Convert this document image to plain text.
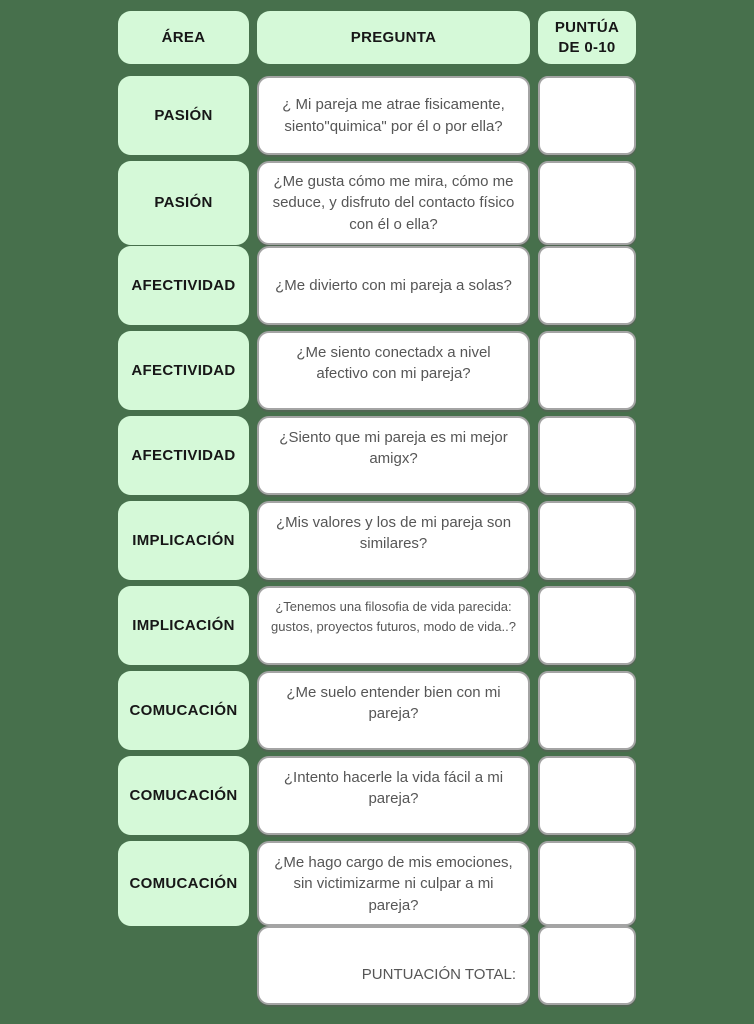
ÁREA	PREGUNTA
PUNTÚA DE 0-10
PASIÓN
¿ Mi pareja me atrae fisicamente, siento"quimica" por él o por ella?
PASIÓN
¿Me gusta cómo me mira, cómo me seduce, y disfruto del contacto físico con él o ella?
AFECTIVIDAD	¿Me divierto con mi pareja a solas?
AFECTIVIDAD
¿Me siento conectadx a nivel afectivo con mi pareja?
AFECTIVIDAD
¿Siento que mi pareja es mi mejor amigx?
IMPLICACIÓN
¿Mis valores y los de mi pareja son similares?
IMPLICACIÓN
¿Tenemos una filosofia de vida parecida: gustos, proyectos futuros, modo de vida..?
COMUCACIÓN
¿Me suelo entender bien con mi pareja?
COMUCACIÓN
¿Intento hacerle la vida fácil a mi pareja?
COMUCACIÓN
¿Me hago cargo de mis emociones, sin victimizarme ni culpar a mi pareja?
PUNTUACIÓN TOTAL:
